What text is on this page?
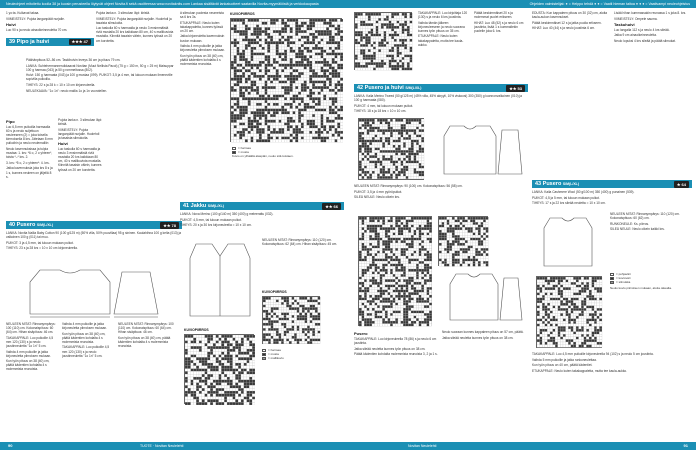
Neuleohjeet mitoitettu koolla 38 ja kuosin perusteella löytyvät ohjeet Novita.fi sekä osoitteessa www.novitaknits.com Lankaa sisältävät lankatuotteet saatavilla Novita-myymälöistä ja verkkokaupasta

1 yo:ta. Kulkavat takaa.

VIIMEISTELY: Pujota langanpäät nurjalle.

Huivi

Luo 90 s ja neulo ainaoikeinneuletta 70 cm.

39 Pipo ja huivi	★★★ 47

Päähänpituus 52–56 cm. Taskihuivin leveys 36 cm ja pituus 79 cm.

LANKA: Suhtehermanneruikkaavat Novitan (Muut Nellista Pacol) (75 g = 150 m, 50 g = 25 m) Maisuppar 100 g harmaa (043) ja 50 g rommeltossa (802).

Huivi: 150 g harmaata (043) ja 100 g mustaa (099). PUIKOT: 3,5 ja 4 mm, tai lukuun mukaan ilmeneville sopivilla puikoilla.

TIHEYS: 22 s ja 28 k = 10 x 10 cm kirjoneuleella.

NEULEKAAVA: "1o 1n": neulo mallia 1o ja 1n vuorotellen.

Pipo

Luo 6,5 mm puikoilla harmaalla 60 s ja neulo suljettuun neuleeseen (2) = joka toisella kierroksella 8 krs. Jätetaan 8 mm puikoihin ja neulo neulemalliin

Neulo kavennuksissa ja tulpia mustaa: 1. krs: *6 o, 2 o yhteen*, toista *–* krs. 2.

3. krs: *5 o, 2 o yhteen*: 4. krs.

Jatka kavennuksia joka krs 8 s ja 1 s, kunnes neuleen on jäljellä 8 s.

Pujota lanka n. 3 silmukan läpi: kiristä.

VIIMEISTELY: Pujota langanpäät nurjalle. Huolehdi ja tasaista silmukoita.

Huivi

Luo taskulla 60 s harmaalla ja neulo 3 ensimmäistä riviä mustalla 20 krs kaikkiaan 80 cm, 40 s mallikuviota mustalla. Kiinnitä tasaisin välein, kunnes työssä on 20 cm korotetta.

Pujota lanka n. 3 silmukan läpi: kiristä.

VIIMEISTELY: Pujota langanpäät nurjalle. Huolehdi ja tasaista silmukoita.

Luo taskulla 60 s harmaalla ja neulo 3 ensimmäistä riviä mustalla 20 krs kaikkiaan 80 cm, 40 s mallikuviota mustalla. Kiinnitä tasaisin välein, kunnes työssä on 20 cm korotetta.

40 Pusero S/M(L/XL)	★★ 78

LANKA: Novita Nallia Baby Cotton 90 (100 g/125 m) (50% villa, 50% puuvillaa) 95 g sininen. Kaulahihna 100 g kelta (013) ja valkoinen 100 g (011) tai muu.

PUIKOT: 3 ja 4,5 mm, tai lukuun mukaan puikot.

TIHEYS: 23 s ja 28 krs = 10 x 10 cm kirjoneuleella.

NEULEEN MITAT: Rinnanympärys: 100 (110) cm. Kokonaispituus: 60 (64) cm. Hihan sisäpituus: 46 cm.

TAKAKAPPALE: Luo puikoille 4,5 mm 120 (130) s ja neulo joustinneuletta "1o 1n" 5 cm.

Vaihda 4 mm puikoille ja jatka kirjoneuletta piirroksen mukaan.

Kun työn pituus on 38 (40) cm, päätä kädentien kohdalta 4 s molemmista reunoista.

Vaihda 4 mm puikoille ja jatka kirjoneuletta piirroksen mukaan.

Kun työn pituus on 38 (40) cm, päätä kädentien kohdalta 4 s molemmista reunoista.

TAKAKAPPALE: Luo puikoille 4,5 mm 120 (130) s ja neulo joustinneuletta "1o 1n" 5 cm.

NEULEEN MITAT: Rinnanympärys: 100 (110) cm. Kokonaispituus: 60 (64) cm. Hihan sisäpituus: 46 cm.

Kun työn pituus on 38 (40) cm, päätä kädentien kohdalta 4 s molemmista reunoista.

ä silmukan puolesta neumeista sa 6 krs 3s.

ETUKAPPALE: Neulo kuten takakappaletta, kunnes työssä on 20 cm.

Jatka kirjoneuletta kavennuksin kuvion mukaan.

Vaihda 4 mm puikoille ja jatka kirjoneuletta piirroksen mukaan.

Kun työn pituus on 38 (40) cm, päätä kädentien kohdalta 4 s molemmista reunoista.

KUVIOPIIRROS
= harmaa
= musta
Kuvio on ylhäältä alaspäin, neulo sitä toistaen.
41 Jakku S/M(L/XL)	★★ 66

LANKA: Nova Merino (100 g/140 m) 350 (400) g meleerattu (032).

PUIKOT: 4,5 mm, tai lukuun mukaan puikot.

TIHEYS: 20 s ja 30 krs kirjoneuleella = 10 x 10 cm.

NEULEEN MITAT: Rinnanympärys: 110 (120) cm. Kokonaispituus: 62 (64) cm. Hihan sisäpituus: 45 cm.

KUVIOPIIRROS
KUVIOPIIRROS
= harmaa
= musta
= mallikuvio
90	TUOTE · Novitan Neulelehti
Ohjeiden valmistelijat: ● = Helppo tehdä ● ● = Vaatii hieman taitoa ● ● ● = Vaativampi neuleohjeistus

TAKAKAPPALE: Luo kirjoittaja 120 (130) s ja neulo 6 krs joustinta.

Vaihda tämän jälkeen kirjoneuleeseen ja neulo suorana kunnes työn pituus on 35 cm.

ETUKAPPALE: Neulo kuten takakappaletta, mutta tee kaula-aukko.

Päätä keskimmäiset 20 s ja molemmat puolet erikseen.

HIHAT: Luo 48 (52) s ja neulo 6 cm joustinta, lisää 1 s kummallekin puolelle joka 6. krs.

42 Pusero ja huivi S/M(L/XL)	★★ 53

LANKA: Kaila Merino Tweed (50 g/125 m) (45% villa, 45% akryyli, 10% viskoosi) 300 (350) g luonnonvalkoinen (010) ja 100 g harmaata (080).

PUIKOT: 4 mm, tai lukuun mukaan puikot.

TIHEYS: 18 s ja 18 krs = 10 x 10 cm.

NEULEEN MITAT: Rinnanympärys: 90 (100) cm. Kokonaispituus: 56 (58) cm.

PUIKOT: 3,5 ja 4 mm pyöröpuikot.

SILEÄ NEULE: Neulo oikein krs.

Pusero

TAKAKAPPALE: Luo kirjoneuleella 78 (86) s ja neulo 6 cm joustinta.

Jatka sileää neuletta kunnes työn pituus on 38 cm.

Päätä kädentien kohdalta molemmista reunoista 3, 2 ja 1 s.

Neulo suoraan kunnes kappaleen pituus on 57 cm, päätä.

Jatka sileää neuletta kunnes työn pituus on 38 cm.

EDUSTA: Kun kappaleen pituus on 30 (32) cm, aloita kaula-aukon kavennukset.

Päätä keskimmäiset 12 s ja jatka puolia erikseen.

HIHAT: Luo 40 (44) s ja neulo joustinta 6 cm.

Lisää hihan kummassakin reunassa 1 s joka 8. krs.

VIIMEISTELY: Ompele sauma.

Taskuhuivi

Luo langalla 112 s ja neulo 4 krs sileää.

Jatka 9 cm ainaoikeinneuletta.

Neulo lopuksi 4 krs sileää ja päätä silmukat.

43 Pusero S/M(L/XL)	★ 64

LANKA: Kaila Cashmere Wool (50 g/100 m) 350 (400) g punainen (539).

PUIKOT: 4,5 ja 5 mm, tai lukuun mukaan puikot.

TIHEYS: 17 s ja 22 krs sileää neuletta = 10 x 10 cm.

NEULEEN MITAT: Rinnanympärys: 110 (120) cm. Kokonaispituus: 60 (62) cm.

RUNKONEULE: Ks. piirros.

SILEÄ NEULE: Neulo oikein kaikki krs.

= pohjaväri
= kuvioväri
= silmukka
Neulo kuvio piirroksen mukaan, aloita oikealta.

TAKAKAPPALE: Luo 4,5 mm puikoille kirjoneuleella 94 (102) s ja neulo 5 cm joustinta.

Vaihda 5 mm puikoille ja jatka runkoneulettaa.

Kun työn pituus on 40 cm, päätä kädentiet.

ETUKAPPALE: Neulo kuten takakappaletta, mutta tee kaula-aukko.

Novitan Neulelehti	91
